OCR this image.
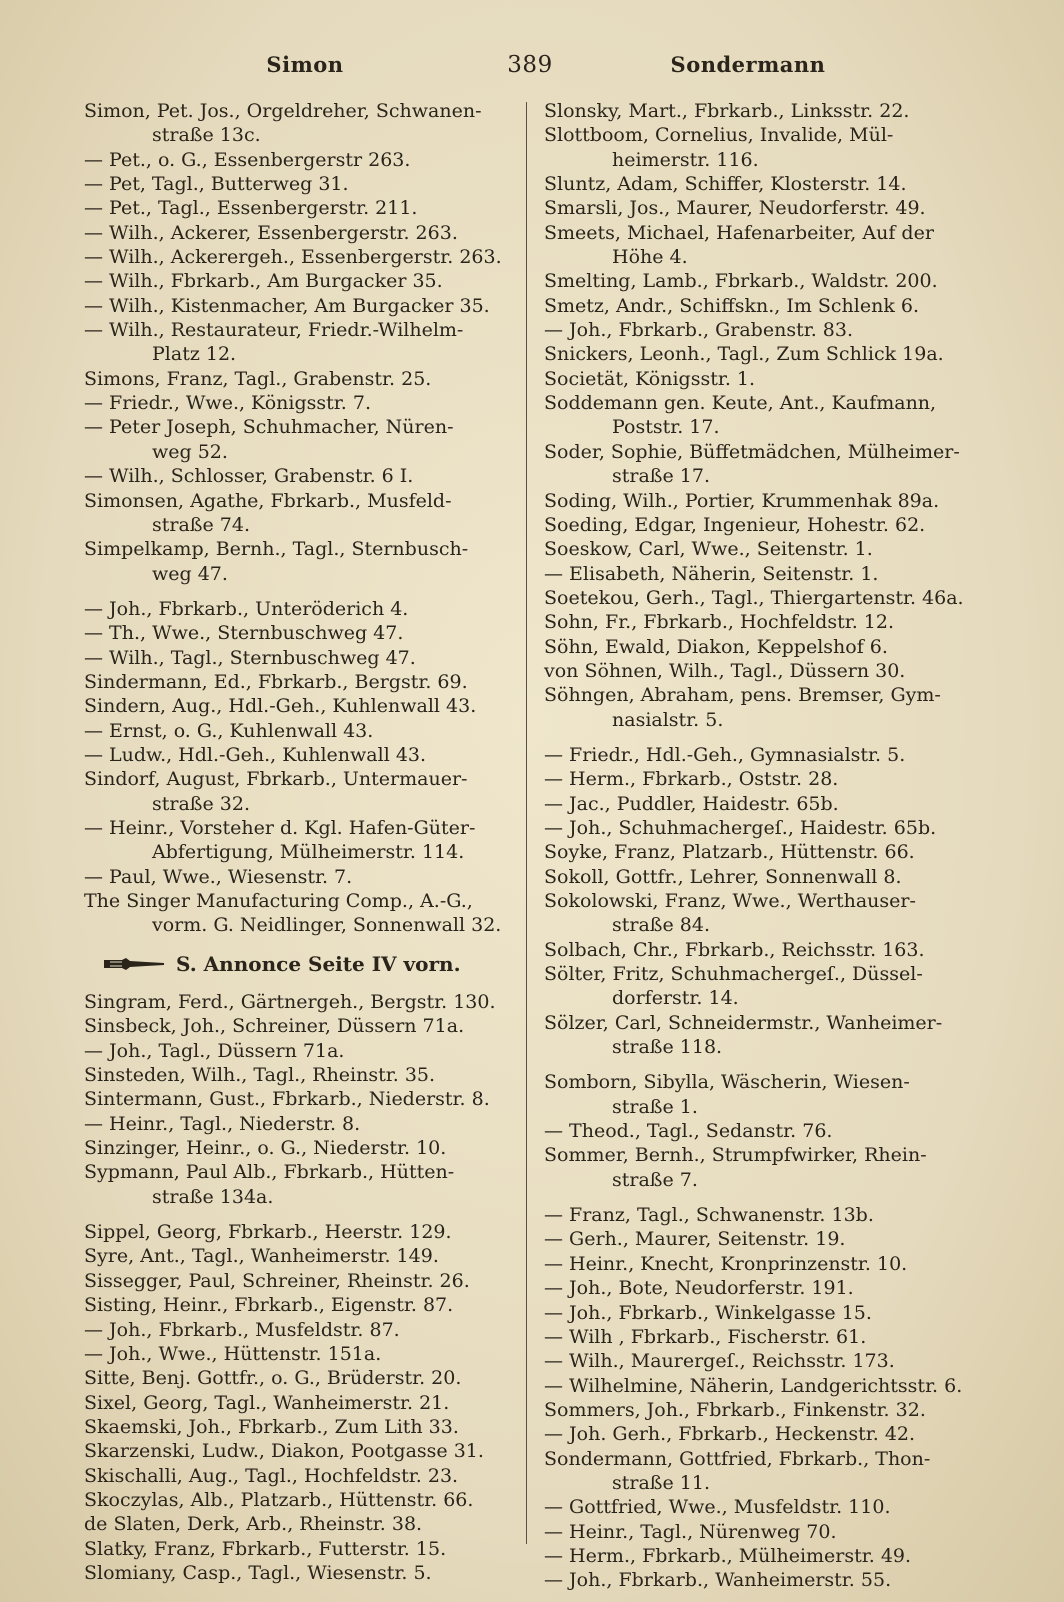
Simon	389	Sondermann
Simon, Pet. Jos., Orgeldreher, Schwanen-
straße 13c.
— Pet., o. G., Essenbergerstr 263.
— Pet, Tagl., Butterweg 31.
— Pet., Tagl., Essenbergerstr. 211.
— Wilh., Ackerer, Essenbergerstr. 263.
— Wilh., Ackerergeh., Essenbergerstr. 263.
— Wilh., Fbrkarb., Am Burgacker 35.
— Wilh., Kistenmacher, Am Burgacker 35.
— Wilh., Restaurateur, Friedr.-Wilhelm-
Platz 12.
Simons, Franz, Tagl., Grabenstr. 25.
— Friedr., Wwe., Königsstr. 7.
— Peter Joseph, Schuhmacher, Nüren-
weg 52.
— Wilh., Schlosser, Grabenstr. 6 I.
Simonsen, Agathe, Fbrkarb., Musfeld-
straße 74.
Simpelkamp, Bernh., Tagl., Sternbusch-
weg 47.
— Joh., Fbrkarb., Unteröderich 4.
— Th., Wwe., Sternbuschweg 47.
— Wilh., Tagl., Sternbuschweg 47.
Sindermann, Ed., Fbrkarb., Bergstr. 69.
Sindern, Aug., Hdl.-Geh., Kuhlenwall 43.
— Ernst, o. G., Kuhlenwall 43.
— Ludw., Hdl.-Geh., Kuhlenwall 43.
Sindorf, August, Fbrkarb., Untermauer-
straße 32.
— Heinr., Vorsteher d. Kgl. Hafen-Güter-
Abfertigung, Mülheimerstr. 114.
— Paul, Wwe., Wiesenstr. 7.
The Singer Manufacturing Comp., A.-G.,
vorm. G. Neidlinger, Sonnenwall 32.
S. Annonce Seite IV vorn.
Singram, Ferd., Gärtnergeh., Bergstr. 130.
Sinsbeck, Joh., Schreiner, Düssern 71a.
— Joh., Tagl., Düssern 71a.
Sinsteden, Wilh., Tagl., Rheinstr. 35.
Sintermann, Gust., Fbrkarb., Niederstr. 8.
— Heinr., Tagl., Niederstr. 8.
Sinzinger, Heinr., o. G., Niederstr. 10.
Sypmann, Paul Alb., Fbrkarb., Hütten-
straße 134a.
Sippel, Georg, Fbrkarb., Heerstr. 129.
Syre, Ant., Tagl., Wanheimerstr. 149.
Sissegger, Paul, Schreiner, Rheinstr. 26.
Sisting, Heinr., Fbrkarb., Eigenstr. 87.
— Joh., Fbrkarb., Musfeldstr. 87.
— Joh., Wwe., Hüttenstr. 151a.
Sitte, Benj. Gottfr., o. G., Brüderstr. 20.
Sixel, Georg, Tagl., Wanheimerstr. 21.
Skaemski, Joh., Fbrkarb., Zum Lith 33.
Skarzenski, Ludw., Diakon, Pootgasse 31.
Skischalli, Aug., Tagl., Hochfeldstr. 23.
Skoczylas, Alb., Platzarb., Hüttenstr. 66.
de Slaten, Derk, Arb., Rheinstr. 38.
Slatky, Franz, Fbrkarb., Futterstr. 15.
Slomiany, Casp., Tagl., Wiesenstr. 5.
Slonsky, Mart., Fbrkarb., Linksstr. 22.
Slottboom, Cornelius, Invalide, Mül-
heimerstr. 116.
Sluntz, Adam, Schiffer, Klosterstr. 14.
Smarsli, Jos., Maurer, Neudorferstr. 49.
Smeets, Michael, Hafenarbeiter, Auf der
Höhe 4.
Smelting, Lamb., Fbrkarb., Waldstr. 200.
Smetz, Andr., Schiffskn., Im Schlenk 6.
— Joh., Fbrkarb., Grabenstr. 83.
Snickers, Leonh., Tagl., Zum Schlick 19a.
Societät, Königsstr. 1.
Soddemann gen. Keute, Ant., Kaufmann,
Poststr. 17.
Soder, Sophie, Büffetmädchen, Mülheimer-
straße 17.
Soding, Wilh., Portier, Krummenhak 89a.
Soeding, Edgar, Ingenieur, Hohestr. 62.
Soeskow, Carl, Wwe., Seitenstr. 1.
— Elisabeth, Näherin, Seitenstr. 1.
Soetekou, Gerh., Tagl., Thiergartenstr. 46a.
Sohn, Fr., Fbrkarb., Hochfeldstr. 12.
Söhn, Ewald, Diakon, Keppelshof 6.
von Söhnen, Wilh., Tagl., Düssern 30.
Söhngen, Abraham, pens. Bremser, Gym-
nasialstr. 5.
— Friedr., Hdl.-Geh., Gymnasialstr. 5.
— Herm., Fbrkarb., Oststr. 28.
— Jac., Puddler, Haidestr. 65b.
— Joh., Schuhmachergeſ., Haidestr. 65b.
Soyke, Franz, Platzarb., Hüttenstr. 66.
Sokoll, Gottfr., Lehrer, Sonnenwall 8.
Sokolowski, Franz, Wwe., Werthauser-
straße 84.
Solbach, Chr., Fbrkarb., Reichsstr. 163.
Sölter, Fritz, Schuhmachergeſ., Düssel-
dorferstr. 14.
Sölzer, Carl, Schneidermstr., Wanheimer-
straße 118.
Somborn, Sibylla, Wäscherin, Wiesen-
straße 1.
— Theod., Tagl., Sedanstr. 76.
Sommer, Bernh., Strumpfwirker, Rhein-
straße 7.
— Franz, Tagl., Schwanenstr. 13b.
— Gerh., Maurer, Seitenstr. 19.
— Heinr., Knecht, Kronprinzenstr. 10.
— Joh., Bote, Neudorferstr. 191.
— Joh., Fbrkarb., Winkelgasse 15.
— Wilh , Fbrkarb., Fischerstr. 61.
— Wilh., Maurergeſ., Reichsstr. 173.
— Wilhelmine, Näherin, Landgerichtsstr. 6.
Sommers, Joh., Fbrkarb., Finkenstr. 32.
— Joh. Gerh., Fbrkarb., Heckenstr. 42.
Sondermann, Gottfried, Fbrkarb., Thon-
straße 11.
— Gottfried, Wwe., Musfeldstr. 110.
— Heinr., Tagl., Nürenweg 70.
— Herm., Fbrkarb., Mülheimerstr. 49.
— Joh., Fbrkarb., Wanheimerstr. 55.
